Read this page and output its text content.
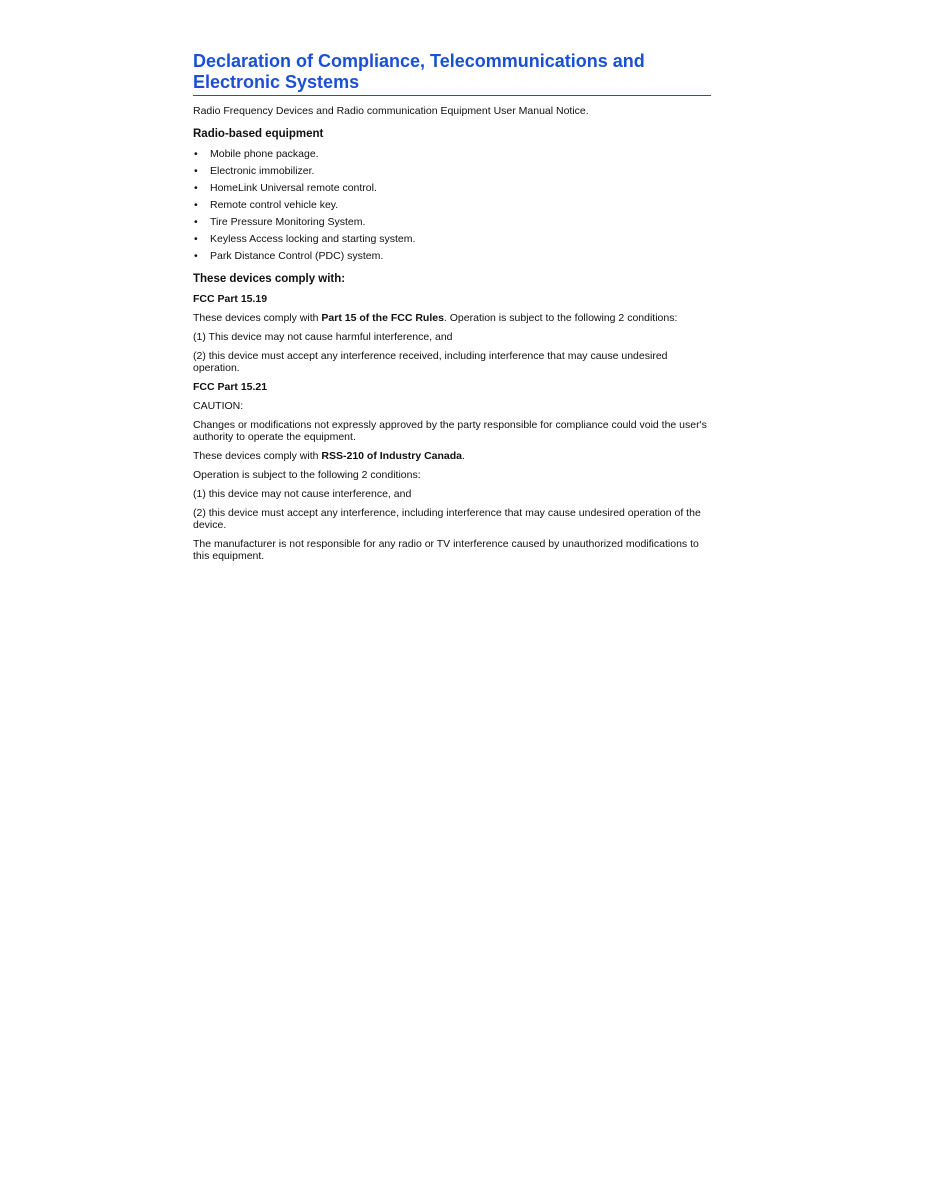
Declaration of Compliance, Telecommunications and Electronic Systems

Radio Frequency Devices and Radio communication Equipment User Manual Notice.

Radio-based equipment
• Mobile phone package.
• Electronic immobilizer.
• HomeLink Universal remote control.
• Remote control vehicle key.
• Tire Pressure Monitoring System.
• Keyless Access locking and starting system.
• Park Distance Control (PDC) system.
These devices comply with:
FCC Part 15.19

These devices comply with Part 15 of the FCC Rules. Operation is subject to the following 2 conditions:

(1) This device may not cause harmful interference, and

(2) this device must accept any interference received, including interference that may cause undesired operation.

FCC Part 15.21

CAUTION:

Changes or modifications not expressly approved by the party responsible for compliance could void the user's authority to operate the equipment.

These devices comply with RSS-210 of Industry Canada.

Operation is subject to the following 2 conditions:

(1) this device may not cause interference, and

(2) this device must accept any interference, including interference that may cause undesired operation of the device.

The manufacturer is not responsible for any radio or TV interference caused by unauthorized modifications to this equipment.
